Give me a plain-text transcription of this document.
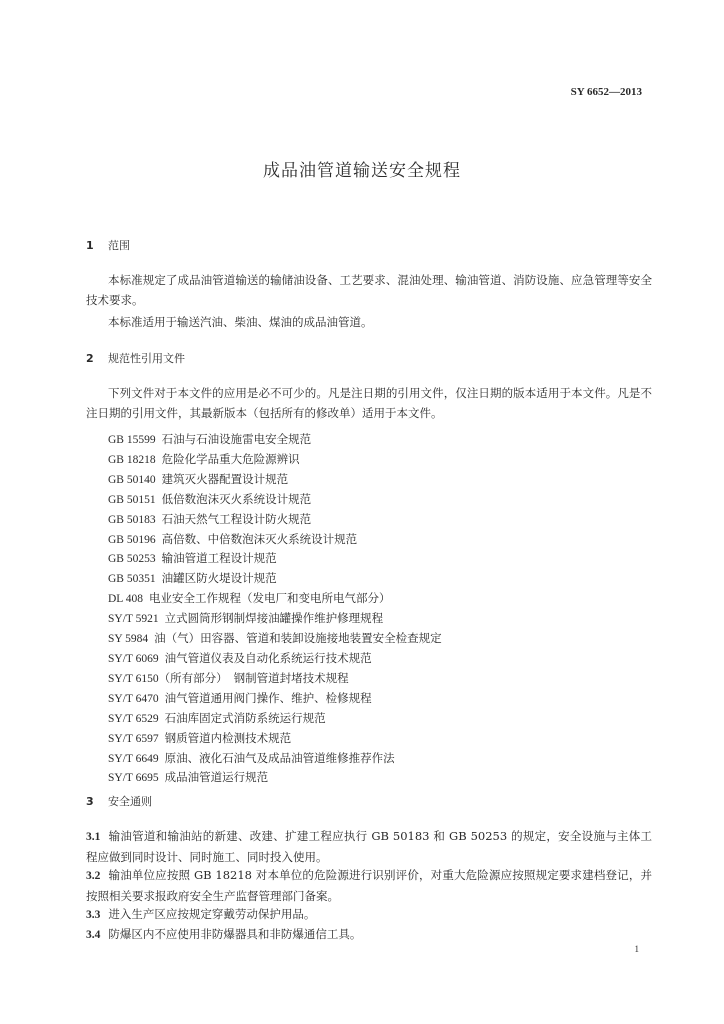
SY 6652—2013
成品油管道输送安全规程
1 范围

本标准规定了成品油管道输送的输储油设备、工艺要求、混油处理、输油管道、消防设施、应急管理等安全技术要求。

本标准适用于输送汽油、柴油、煤油的成品油管道。

2 规范性引用文件

下列文件对于本文件的应用是必不可少的。凡是注日期的引用文件，仅注日期的版本适用于本文件。凡是不注日期的引用文件，其最新版本（包括所有的修改单）适用于本文件。

GB 15599 石油与石油设施雷电安全规范
GB 18218 危险化学品重大危险源辨识
GB 50140 建筑灭火器配置设计规范
GB 50151 低倍数泡沫灭火系统设计规范
GB 50183 石油天然气工程设计防火规范
GB 50196 高倍数、中倍数泡沫灭火系统设计规范
GB 50253 输油管道工程设计规范
GB 50351 油罐区防火堤设计规范
DL 408 电业安全工作规程（发电厂和变电所电气部分）
SY/T 5921 立式圆筒形钢制焊接油罐操作维护修理规程
SY 5984 油（气）田容器、管道和装卸设施接地装置安全检查规定
SY/T 6069 油气管道仪表及自动化系统运行技术规范
SY/T 6150（所有部分） 钢制管道封堵技术规程
SY/T 6470 油气管道通用阀门操作、维护、检修规程
SY/T 6529 石油库固定式消防系统运行规范
SY/T 6597 钢质管道内检测技术规范
SY/T 6649 原油、液化石油气及成品油管道维修推荐作法
SY/T 6695 成品油管道运行规范
3 安全通则

3.1 输油管道和输油站的新建、改建、扩建工程应执行 GB 50183 和 GB 50253 的规定，安全设施与主体工程应做到同时设计、同时施工、同时投入使用。

3.2 输油单位应按照 GB 18218 对本单位的危险源进行识别评价，对重大危险源应按照规定要求建档登记，并按照相关要求报政府安全生产监督管理部门备案。

3.3 进入生产区应按规定穿戴劳动保护用品。

3.4 防爆区内不应使用非防爆器具和非防爆通信工具。

1
